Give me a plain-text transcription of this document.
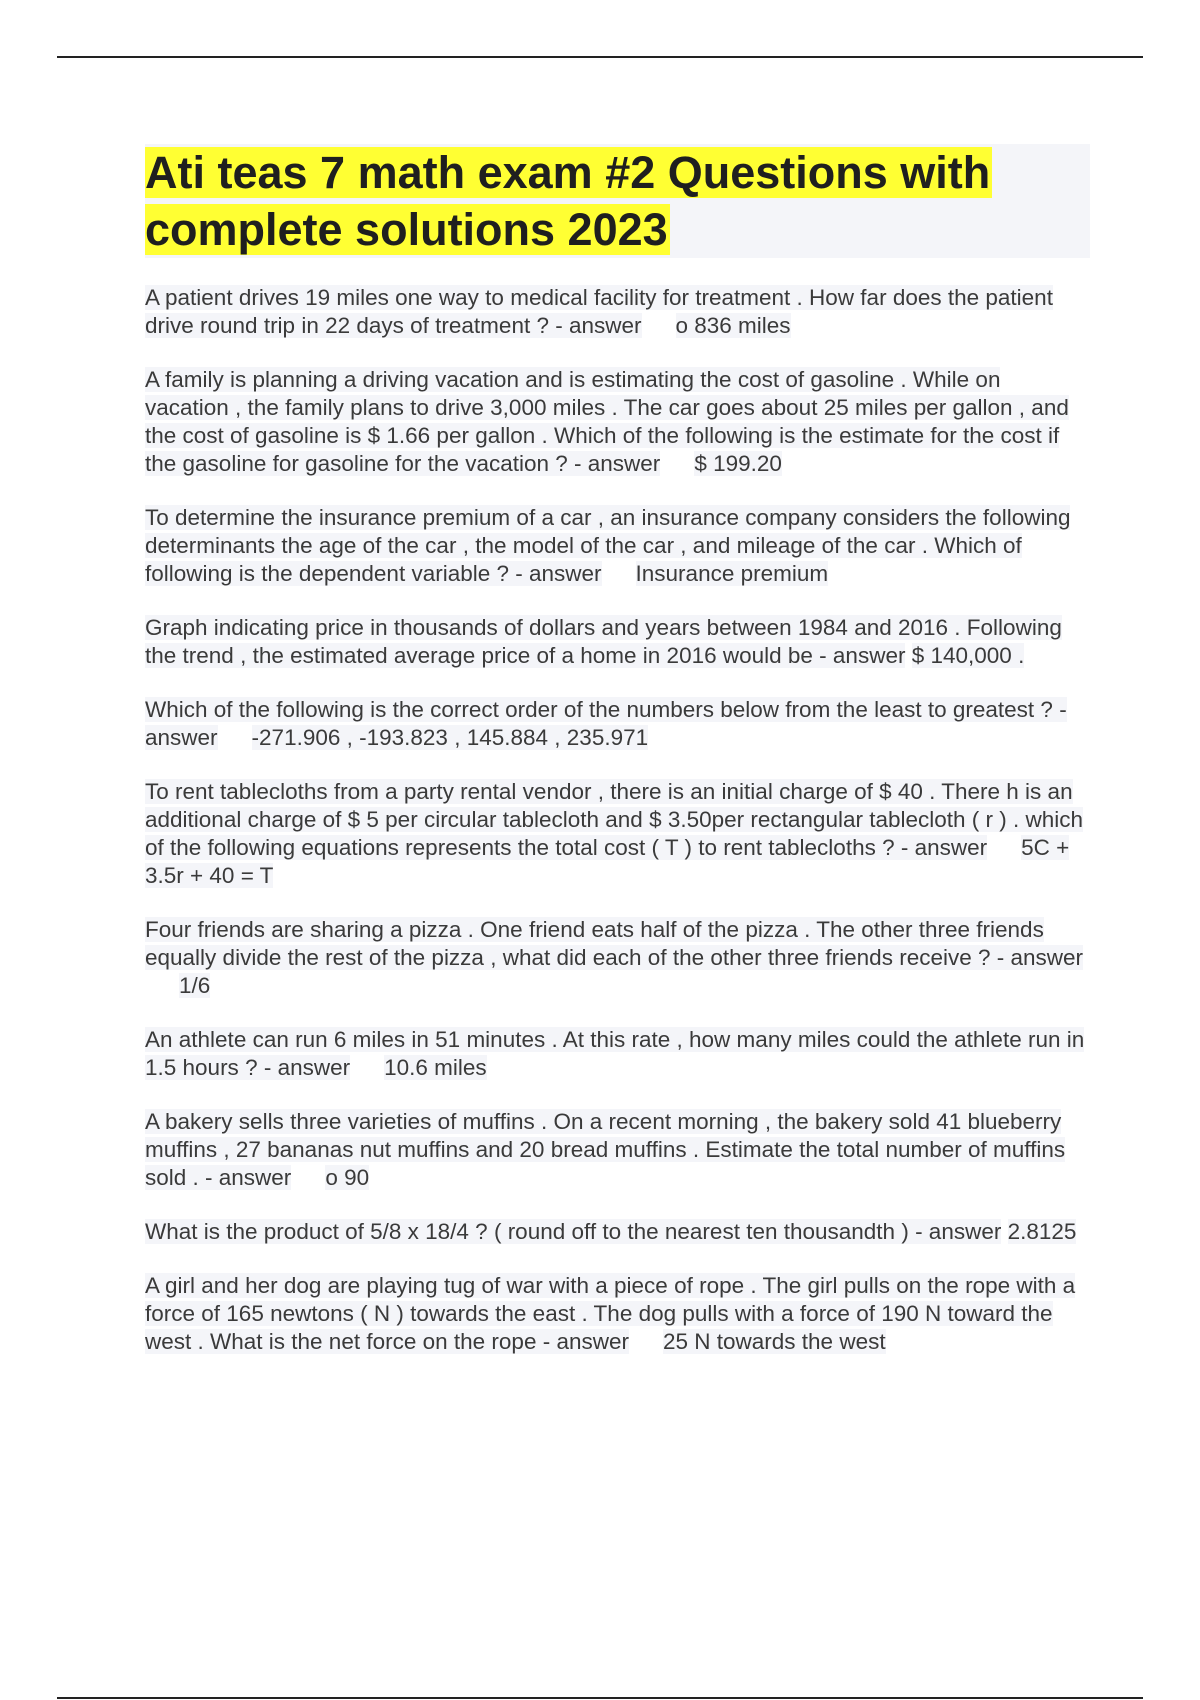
Ati teas 7 math exam #2 Questions with
complete solutions 2023

A patient drives 19 miles one way to medical facility for treatment . How far does the patient drive round trip in 22 days of treatment ? - answer o 836 miles

A family is planning a driving vacation and is estimating the cost of gasoline . While on vacation , the family plans to drive 3,000 miles . The car goes about 25 miles per gallon , and the cost of gasoline is $ 1.66 per gallon . Which of the following is the estimate for the cost if the gasoline for gasoline for the vacation ? - answer $ 199.20

To determine the insurance premium of a car , an insurance company considers the following determinants the age of the car , the model of the car , and mileage of the car . Which of following is the dependent variable ? - answer Insurance premium

Graph indicating price in thousands of dollars and years between 1984 and 2016 . Following the trend , the estimated average price of a home in 2016 would be - answer $ 140,000 .

Which of the following is the correct order of the numbers below from the least to greatest ? - answer -271.906 , -193.823 , 145.884 , 235.971

To rent tablecloths from a party rental vendor , there is an initial charge of $ 40 . There h is an additional charge of $ 5 per circular tablecloth and $ 3.50per rectangular tablecloth ( r ) . which of the following equations represents the total cost ( T ) to rent tablecloths ? - answer 5C + 3.5r + 40 = T

Four friends are sharing a pizza . One friend eats half of the pizza . The other three friends equally divide the rest of the pizza , what did each of the other three friends receive ? - answer1/6

An athlete can run 6 miles in 51 minutes . At this rate , how many miles could the athlete run in 1.5 hours ? - answer 10.6 miles

A bakery sells three varieties of muffins . On a recent morning , the bakery sold 41 blueberry muffins , 27 bananas nut muffins and 20 bread muffins . Estimate the total number of muffins sold . - answer o 90

What is the product of 5/8 x 18/4 ? ( round off to the nearest ten thousandth ) - answer 2.8125

A girl and her dog are playing tug of war with a piece of rope . The girl pulls on the rope with a force of 165 newtons ( N ) towards the east . The dog pulls with a force of 190 N toward the west . What is the net force on the rope - answer 25 N towards the west
